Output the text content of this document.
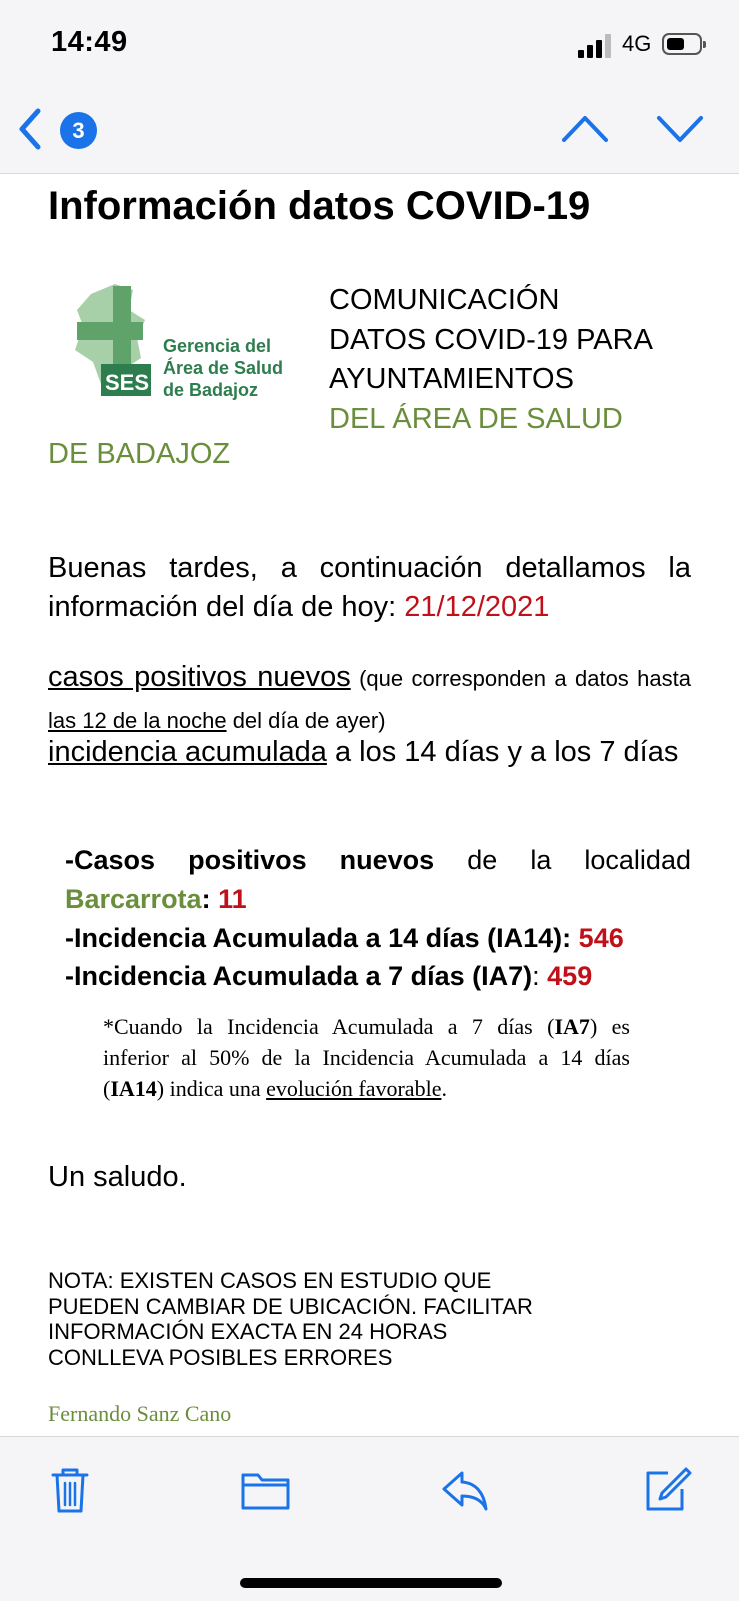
14:49	4G
3
Información datos COVID-19
SES
Gerencia del
Área de Salud
de Badajoz
COMUNICACIÓN
DATOS COVID-19 PARA
AYUNTAMIENTOS
DEL ÁREA DE SALUD
DE BADAJOZ
Buenas tardes, a continuación detallamos la información del día de hoy: 21/12/2021
casos positivos nuevos (que corresponden a datos hasta las 12 de la noche del día de ayer)
incidencia acumulada a los 14 días y a los 7 días
-Casos positivos nuevos de la localidad Barcarrota: 11
-Incidencia Acumulada a 14 días (IA14): 546
-Incidencia Acumulada a 7 días (IA7): 459
*Cuando la Incidencia Acumulada a 7 días (IA7) es inferior al 50% de la Incidencia Acumulada a 14 días (IA14) indica una evolución favorable.
Un saludo.
NOTA: EXISTEN CASOS EN ESTUDIO QUE
PUEDEN CAMBIAR DE UBICACIÓN. FACILITAR
INFORMACIÓN EXACTA EN 24 HORAS
CONLLEVA POSIBLES ERRORES
Fernando Sanz Cano
